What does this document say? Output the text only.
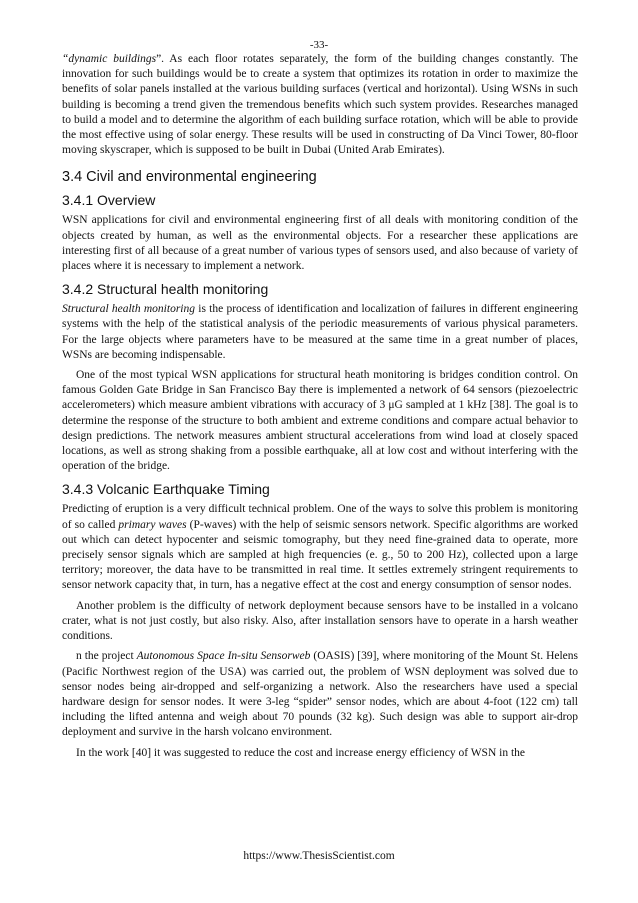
-33-

“dynamic buildings”. As each floor rotates separately, the form of the building changes constantly. The innovation for such buildings would be to create a system that optimizes its rotation in order to maximize the benefits of solar panels installed at the various building surfaces (vertical and horizontal). Using WSNs in such building is becoming a trend given the tremendous benefits which such system provides. Researches managed to build a model and to determine the algorithm of each building surface rotation, which will be able to provide the most effective using of solar energy. These results will be used in constructing of Da Vinci Tower, 80-floor moving skyscraper, which is supposed to be built in Dubai (United Arab Emirates).

3.4 Civil and environmental engineering
3.4.1 Overview

WSN applications for civil and environmental engineering first of all deals with monitoring condition of the objects created by human, as well as the environmental objects. For a researcher these applications are interesting first of all because of a great number of various types of sensors used, and also because of variety of places where it is necessary to implement a network.

3.4.2 Structural health monitoring

Structural health monitoring is the process of identification and localization of failures in different engineering systems with the help of the statistical analysis of the periodic measurements of various physical parameters. For the large objects where parameters have to be measured at the same time in a great number of places, WSNs are becoming indispensable.

One of the most typical WSN applications for structural heath monitoring is bridges condition control. On famous Golden Gate Bridge in San Francisco Bay there is implemented a network of 64 sensors (piezoelectric accelerometers) which measure ambient vibrations with accuracy of 3 μG sampled at 1 kHz [38]. The goal is to determine the response of the structure to both ambient and extreme conditions and compare actual behavior to design predictions. The network measures ambient structural accelerations from wind load at closely spaced locations, as well as strong shaking from a possible earthquake, all at low cost and without interfering with the operation of the bridge.

3.4.3 Volcanic Earthquake Timing

Predicting of eruption is a very difficult technical problem. One of the ways to solve this problem is monitoring of so called primary waves (P-waves) with the help of seismic sensors network. Specific algorithms are worked out which can detect hypocenter and seismic tomography, but they need fine-grained data to operate, more precisely sensor signals which are sampled at high frequencies (e. g., 50 to 200 Hz), collected upon a large territory; moreover, the data have to be transmitted in real time. It settles extremely stringent requirements to sensor network capacity that, in turn, has a negative effect at the cost and energy consumption of sensor nodes.

Another problem is the difficulty of network deployment because sensors have to be installed in a volcano crater, what is not just costly, but also risky. Also, after installation sensors have to operate in a harsh weather conditions.

n the project Autonomous Space In-situ Sensorweb (OASIS) [39], where monitoring of the Mount St. Helens (Pacific Northwest region of the USA) was carried out, the problem of WSN deployment was solved due to sensor nodes being air-dropped and self-organizing a network. Also the researchers have used a special hardware design for sensor nodes. It were 3-leg “spider” sensor nodes, which are about 4-foot (122 cm) tall including the lifted antenna and weigh about 70 pounds (32 kg). Such design was able to support air-drop deployment and survive in the harsh volcano environment.

In the work [40] it was suggested to reduce the cost and increase energy efficiency of WSN in the

https://www.ThesisScientist.com
